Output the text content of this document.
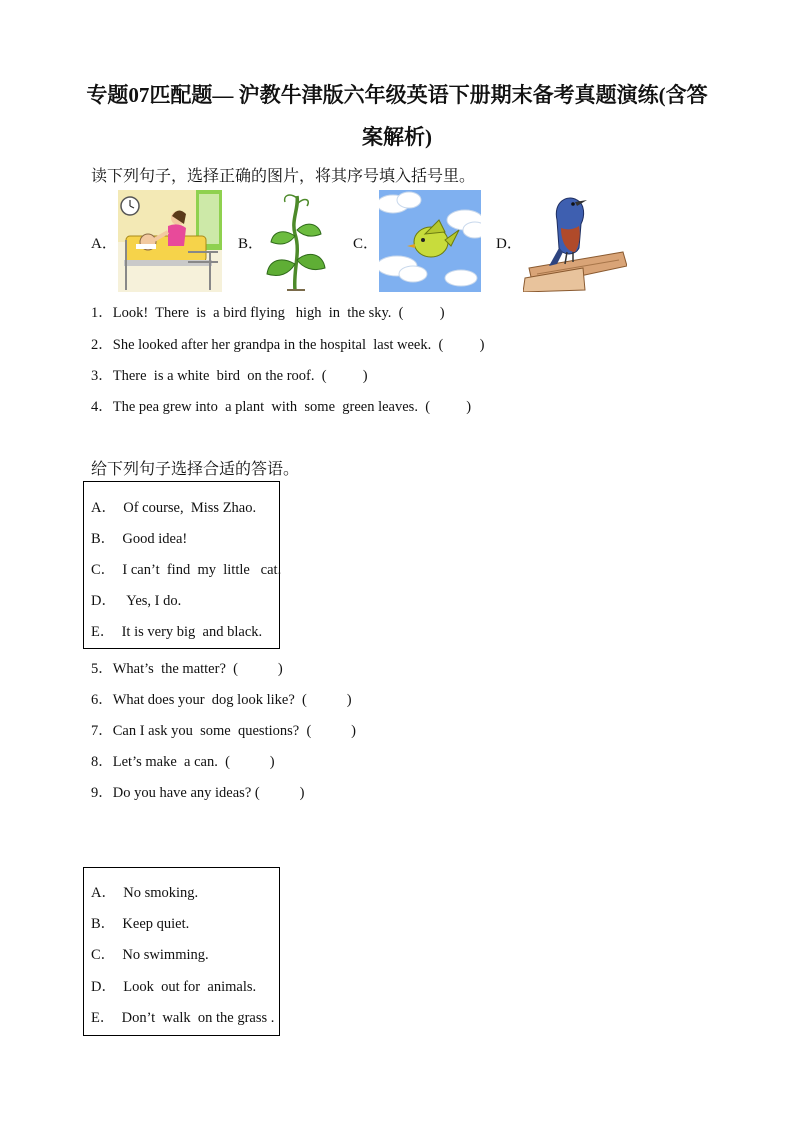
专题07匹配题— 沪教牛津版六年级英语下册期末备考真题演练(含答
案解析)
读下列句子，选择正确的图片，将其序号填入括号里。
A．	B．	C．	D．
1．Look!  There  is  a bird flying   high  in  the sky.  (          )
2．She looked after her grandpa in the hospital  last week.  (          )
3．There  is a white  bird  on the roof.  (          )
4．The pea grew into  a plant  with  some  green leaves.  (          )
给下列句子选择合适的答语。
A．  Of course,  Miss Zhao.
B．  Good idea!
C．  I can’t  find  my  little   cat.
D．   Yes, I do.
E．  It is very big  and black.
5．What’s  the matter?  (           )
6．What does your  dog look like?  (           )
7．Can I ask you  some  questions?  (           )
8．Let’s make  a can.  (           )
9．Do you have any ideas? (           )
A．  No smoking.
B．  Keep quiet.
C．  No swimming.
D．  Look  out for  animals.
E．  Don’t  walk  on the grass .
